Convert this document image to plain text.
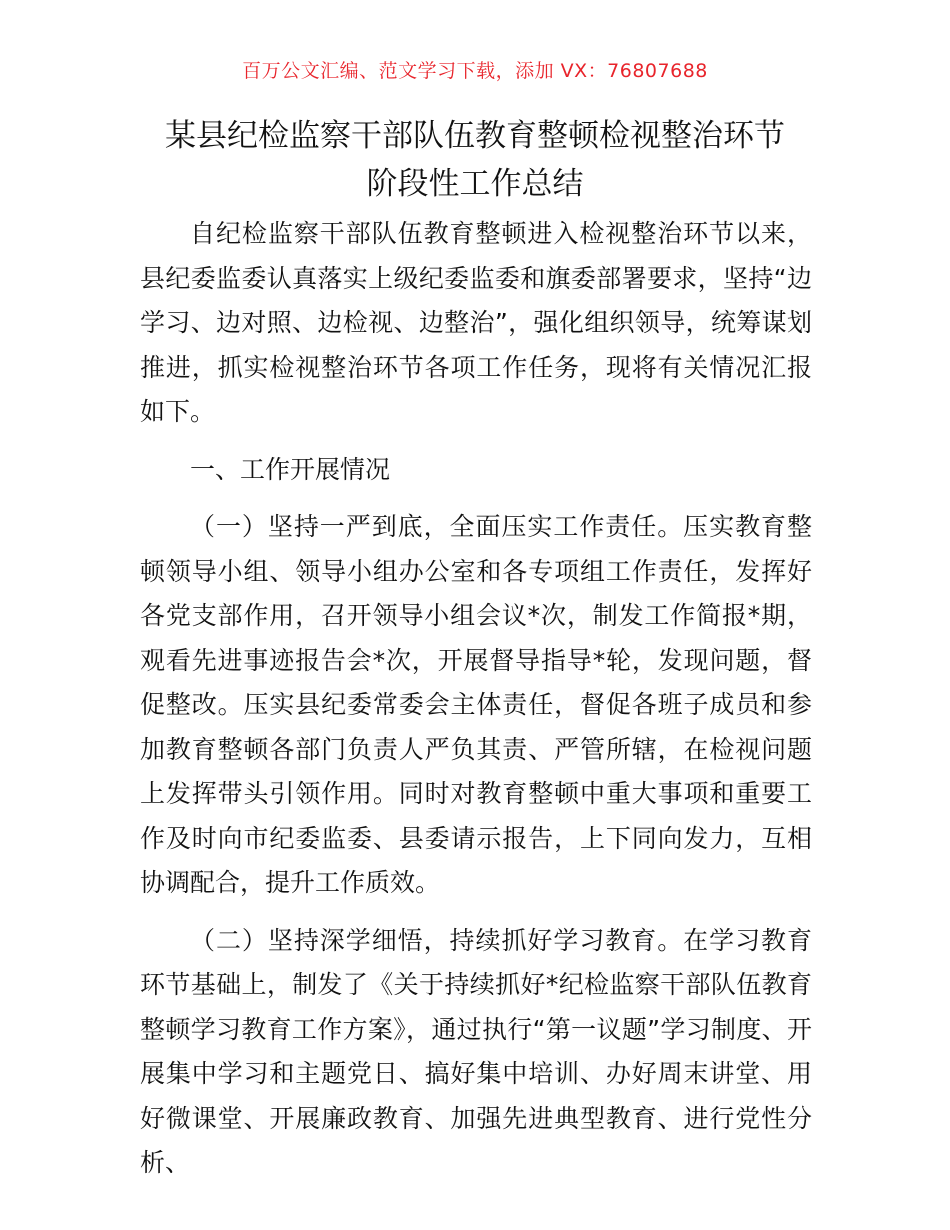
百万公文汇编、范文学习下载，添加 VX：76807688
某县纪检监察干部队伍教育整顿检视整治环节
阶段性工作总结

自纪检监察干部队伍教育整顿进入检视整治环节以来，县纪委监委认真落实上级纪委监委和旗委部署要求，坚持“边学习、边对照、边检视、边整治”，强化组织领导，统筹谋划推进，抓实检视整治环节各项工作任务，现将有关情况汇报如下。

一、工作开展情况

（一）坚持一严到底，全面压实工作责任。压实教育整顿领导小组、领导小组办公室和各专项组工作责任，发挥好各党支部作用，召开领导小组会议*次，制发工作简报*期，观看先进事迹报告会*次，开展督导指导*轮，发现问题，督促整改。压实县纪委常委会主体责任，督促各班子成员和参加教育整顿各部门负责人严负其责、严管所辖，在检视问题上发挥带头引领作用。同时对教育整顿中重大事项和重要工作及时向市纪委监委、县委请示报告，上下同向发力，互相协调配合，提升工作质效。

（二）坚持深学细悟，持续抓好学习教育。在学习教育环节基础上，制发了《关于持续抓好*纪检监察干部队伍教育整顿学习教育工作方案》，通过执行“第一议题”学习制度、开展集中学习和主题党日、搞好集中培训、办好周末讲堂、用好微课堂、开展廉政教育、加强先进典型教育、进行党性分析、
